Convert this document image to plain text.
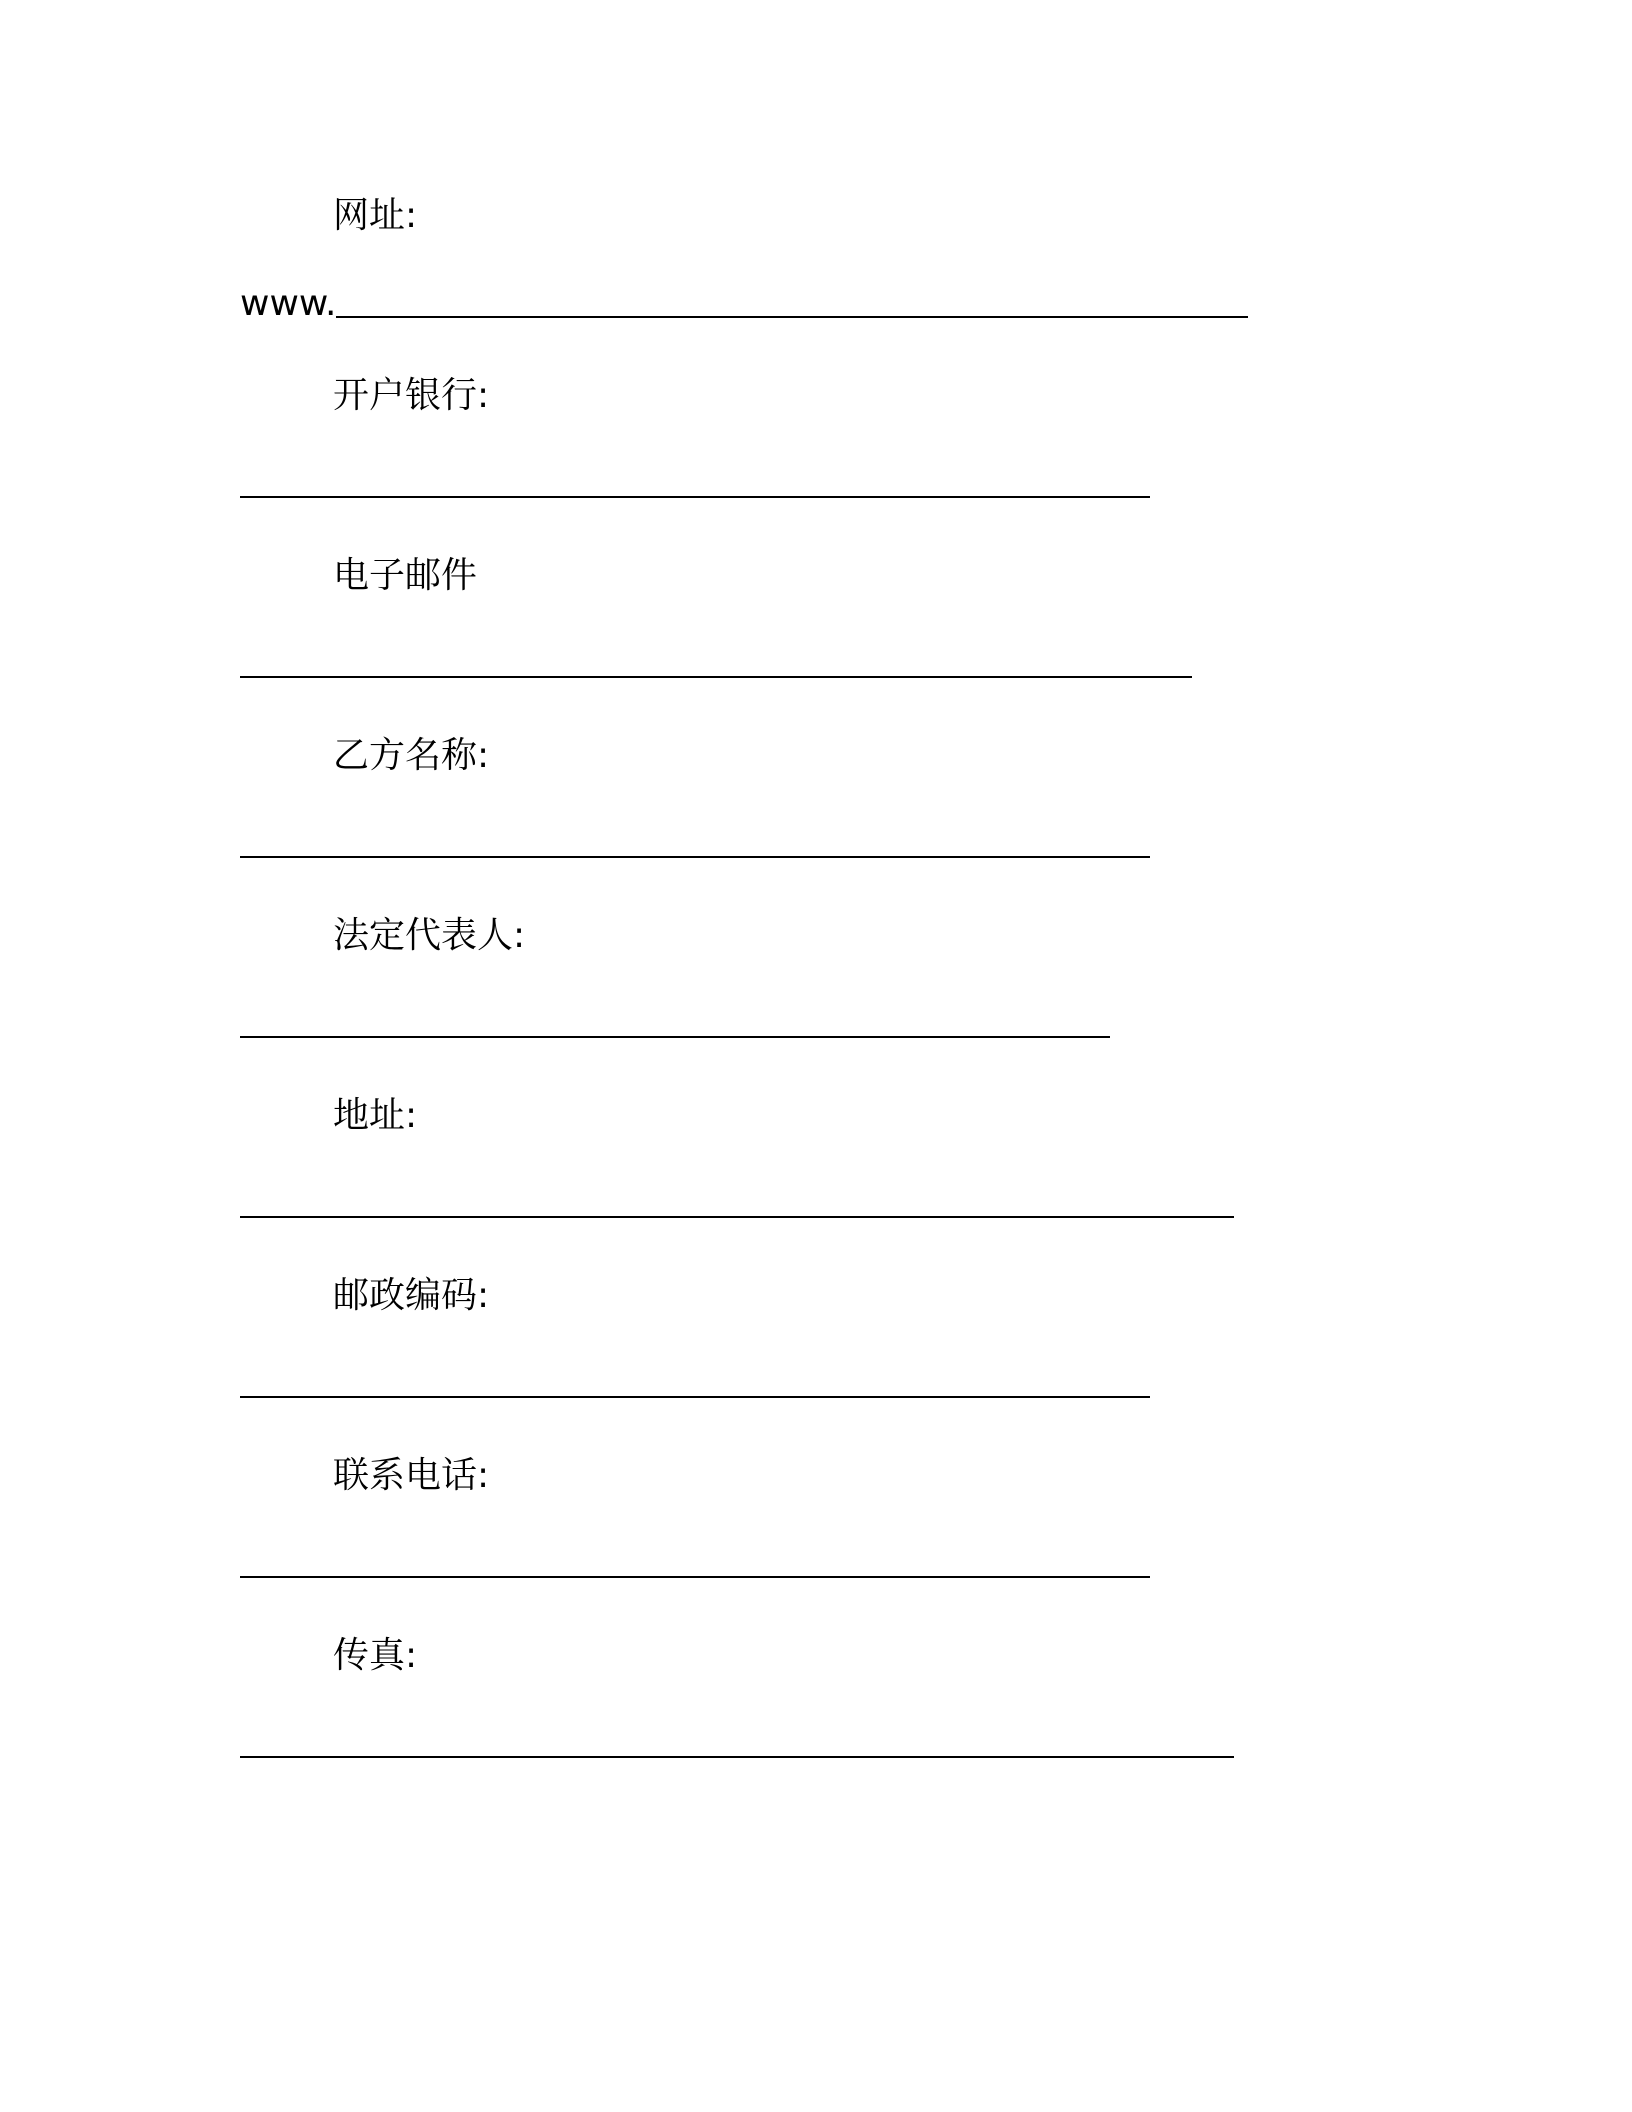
网址:
www.
开户银行:
电子邮件
乙方名称:
法定代表人:
地址:
邮政编码:
联系电话:
传真:
